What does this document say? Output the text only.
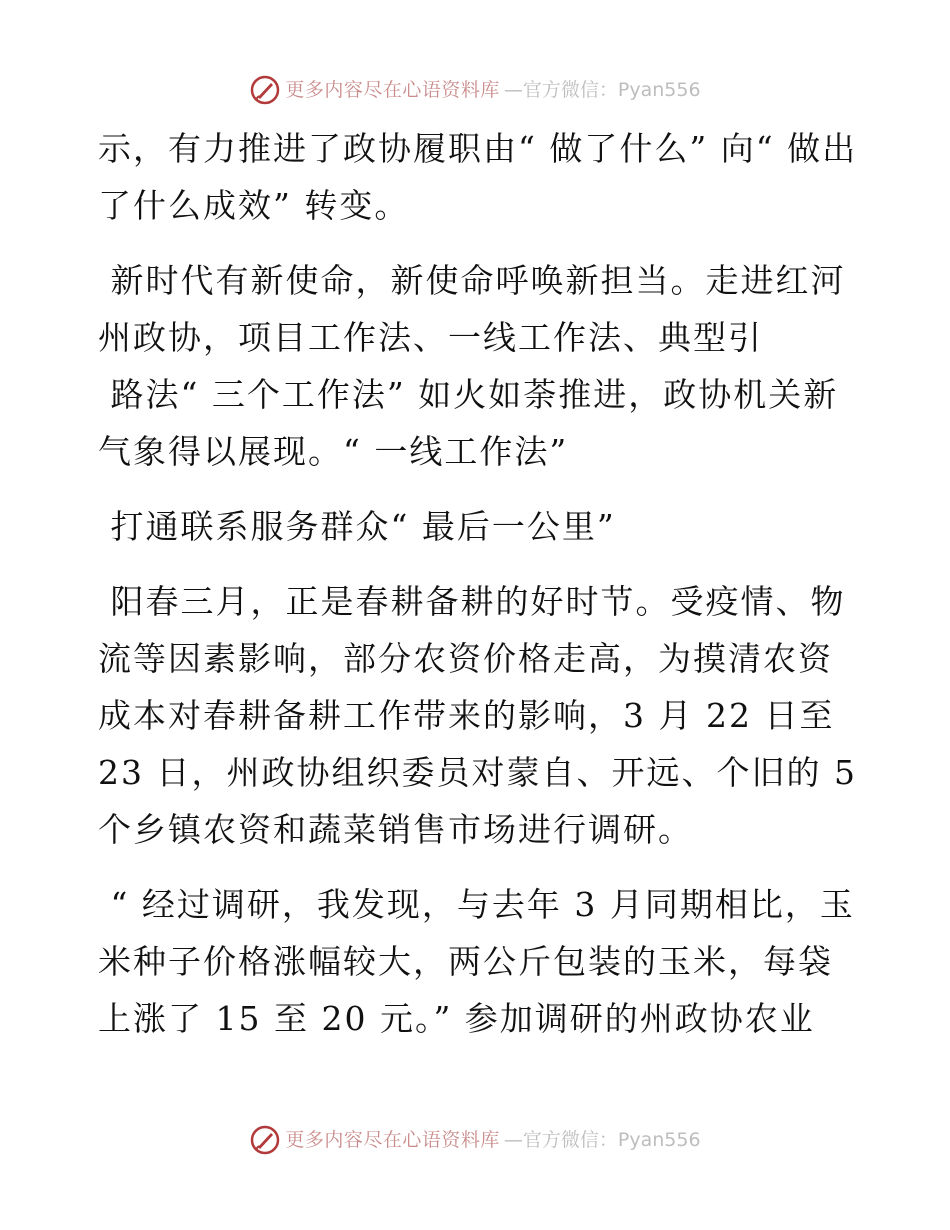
更多内容尽在心语资料库 —官方微信：Pyan556

示，有力推进了政协履职由“ 做了什么” 向“ 做出了什么成效” 转变。

新时代有新使命，新使命呼唤新担当。走进红河州政协，项目工作法、一线工作法、典型引

路法“ 三个工作法” 如火如荼推进，政协机关新气象得以展现。“ 一线工作法”

打通联系服务群众“ 最后一公里”

阳春三月，正是春耕备耕的好时节。受疫情、物流等因素影响，部分农资价格走高，为摸清农资成本对春耕备耕工作带来的影响，3 月 22 日至 23 日，州政协组织委员对蒙自、开远、个旧的 5 个乡镇农资和蔬菜销售市场进行调研。

“ 经过调研，我发现，与去年 3 月同期相比，玉米种子价格涨幅较大，两公斤包装的玉米，每袋上涨了 15 至 20 元。” 参加调研的州政协农业

更多内容尽在心语资料库 —官方微信：Pyan556
